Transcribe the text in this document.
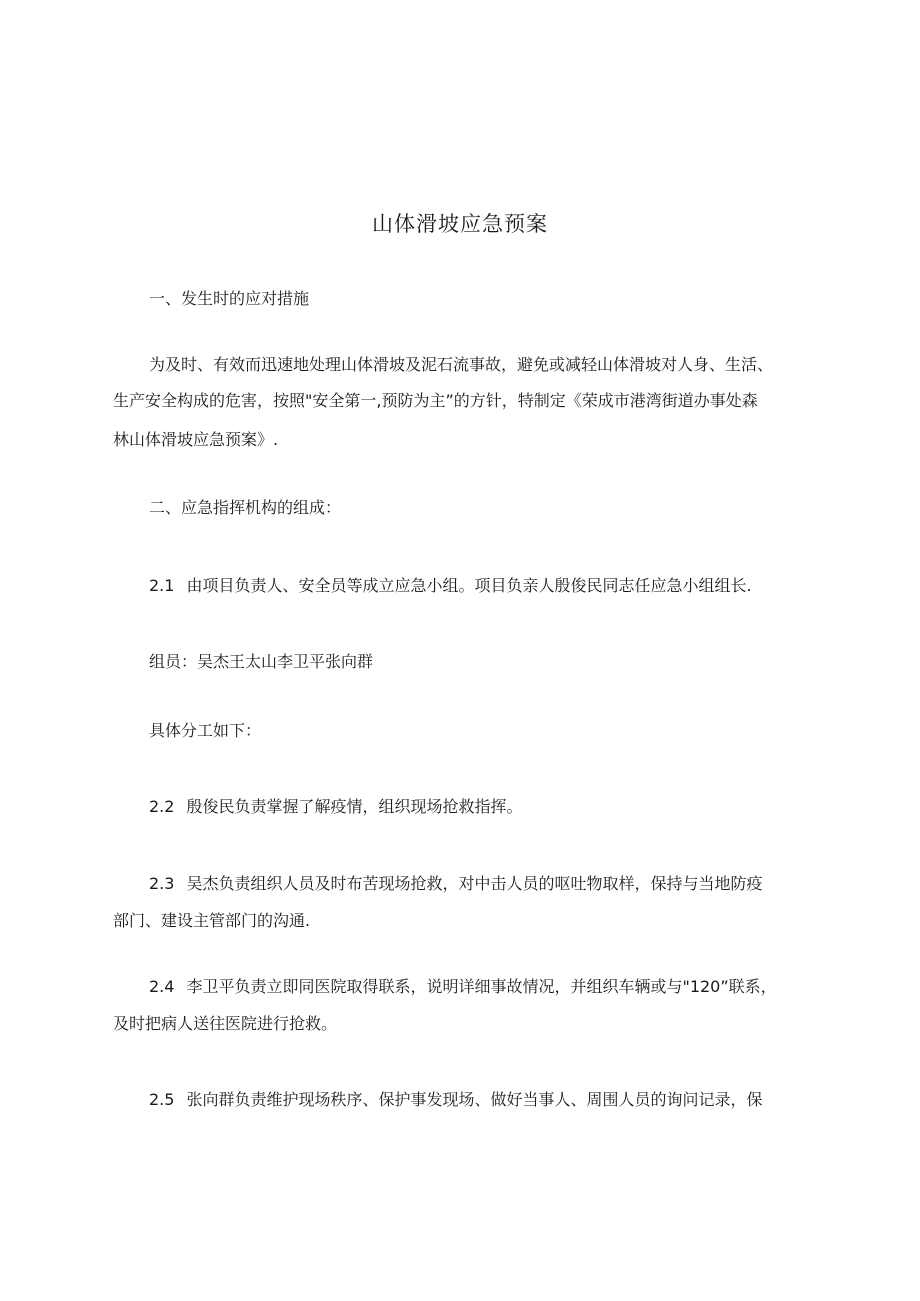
山体滑坡应急预案
一、发生时的应对措施
为及时、有效而迅速地处理山体滑坡及泥石流事故，避免或减轻山体滑坡对人身、生活、
生产安全构成的危害，按照"安全第一,预防为主”的方针，特制定《荣成市港湾街道办事处森
林山体滑坡应急预案》.
二、应急指挥机构的组成：
2.1 由项目负责人、安全员等成立应急小组。项目负亲人殷俊民同志任应急小组组长.
组员：吴杰王太山李卫平张向群
具体分工如下：
2.2 殷俊民负责掌握了解疫情，组织现场抢救指挥。
2.3 吴杰负责组织人员及时布苦现场抢救，对中击人员的呕吐物取样，保持与当地防疫
部门、建设主管部门的沟通.
2.4 李卫平负责立即同医院取得联系，说明详细事故情况，并组织车辆或与"120”联系，
及时把病人送往医院进行抢救。
2.5 张向群负责维护现场秩序、保护事发现场、做好当事人、周围人员的询问记录，保
